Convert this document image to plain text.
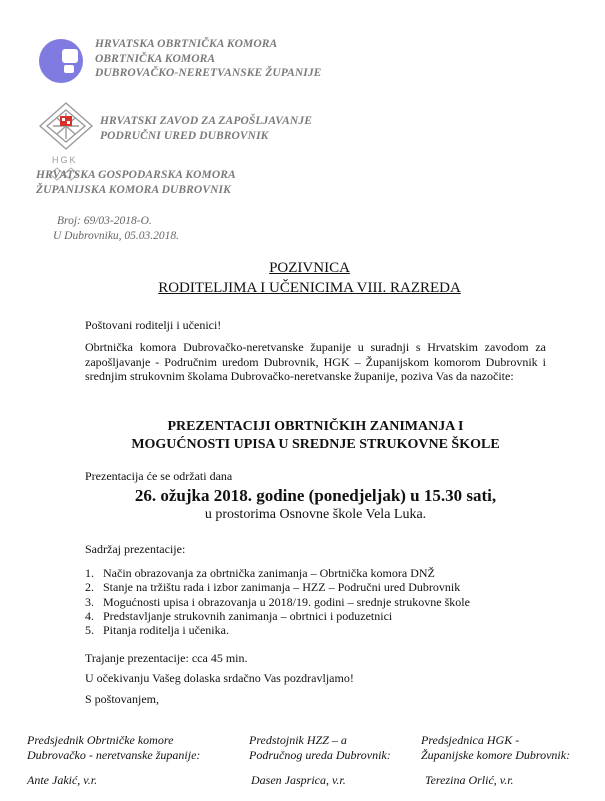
HRVATSKA OBRTNIČKA KOMORA
OBRTNIČKA KOMORA
DUBROVAČKO-NERETVANSKE ŽUPANIJE
HRVATSKI ZAVOD ZA ZAPOŠLJAVANJE
PODRUČNI URED DUBROVNIK
HGK
HRVATSKA GOSPODARSKA KOMORA
ŽUPANIJSKA KOMORA DUBROVNIK
Broj: 69/03-2018-O.
U Dubrovniku, 05.03.2018.
POZIVNICA
RODITELJIMA I UČENICIMA VIII. RAZREDA
Poštovani roditelji i učenici!
Obrtnička komora Dubrovačko-neretvanske županije u suradnji s Hrvatskim zavodom za zapošljavanje - Područnim uredom Dubrovnik, HGK – Županijskom komorom Dubrovnik i srednjim strukovnim školama Dubrovačko-neretvanske županije, poziva Vas da nazočite:
PREZENTACIJI OBRTNIČKIH ZANIMANJA I
MOGUĆNOSTI UPISA U SREDNJE STRUKOVNE ŠKOLE
Prezentacija će se održati dana
26. ožujka 2018. godine (ponedjeljak) u 15.30 sati,
u prostorima Osnovne škole Vela Luka.
Sadržaj prezentacije:
1. Način obrazovanja za obrtnička zanimanja – Obrtnička komora DNŽ
2. Stanje na tržištu rada i izbor zanimanja – HZZ – Područni ured Dubrovnik
3. Mogućnosti upisa i obrazovanja u 2018/19. godini – srednje strukovne škole
4. Predstavljanje strukovnih zanimanja – obrtnici i poduzetnici
5. Pitanja roditelja i učenika.
Trajanje prezentacije: cca 45 min.
U očekivanju Vašeg dolaska srdačno Vas pozdravljamo!
S poštovanjem,
Predsjednik Obrtničke komore
Dubrovačko - neretvanske županije:
Ante Jakić, v.r.
Predstojnik HZZ – a
Područnog ureda Dubrovnik:
Dasen Jasprica, v.r.
Predsjednica HGK -
Županijske komore Dubrovnik:
Terezina Orlić, v.r.
